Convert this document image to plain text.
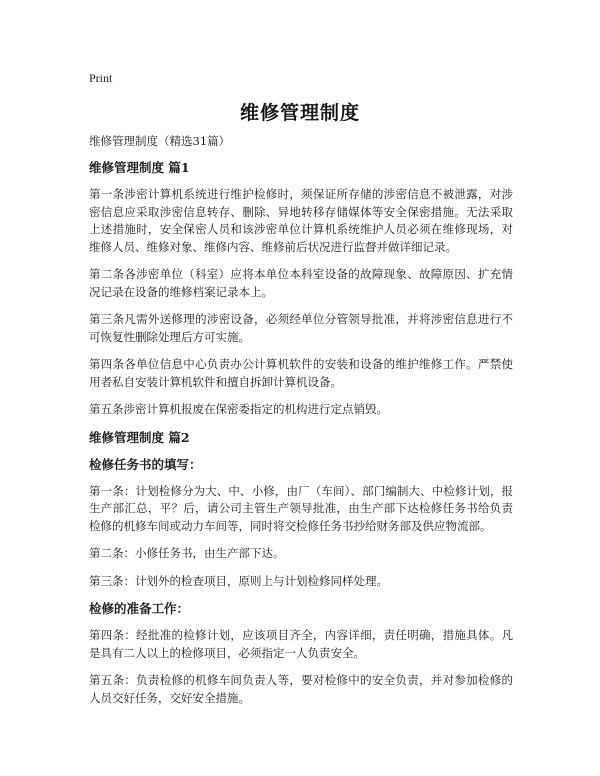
Print
维修管理制度

维修管理制度（精选31篇）

维修管理制度 篇1

第一条涉密计算机系统进行维护检修时，须保证所存储的涉密信息不被泄露，对涉密信息应采取涉密信息转存、删除、异地转移存储媒体等安全保密措施。无法采取上述措施时，安全保密人员和该涉密单位计算机系统维护人员必须在维修现场，对维修人员、维修对象、维修内容、维修前后状况进行监督并做详细记录。

第二条各涉密单位（科室）应将本单位本科室设备的故障现象、故障原因、扩充情况记录在设备的维修档案记录本上。

第三条凡需外送修理的涉密设备，必须经单位分管领导批准，并将涉密信息进行不可恢复性删除处理后方可实施。

第四条各单位信息中心负责办公计算机软件的安装和设备的维护维修工作。严禁使用者私自安装计算机软件和擅自拆卸计算机设备。

第五条涉密计算机报废在保密委指定的机构进行定点销毁。

维修管理制度 篇2
检修任务书的填写：

第一条：计划检修分为大、中、小修，由厂（车间）、部门编制大、中检修计划，报生产部汇总，平？后，请公司主管生产领导批准，由生产部下达检修任务书给负责检修的机修车间或动力车间等，同时将交检修任务书抄给财务部及供应物流部。

第二条：小修任务书，由生产部下达。

第三条：计划外的检查项目，原则上与计划检修同样处理。

检修的准备工作：

第四条：经批准的检修计划，应该项目齐全，内容详细，责任明确，措施具体。凡是具有二人以上的检修项目，必须指定一人负责安全。

第五条：负责检修的机修车间负责人等，要对检修中的安全负责，并对参加检修的人员交好任务，交好安全措施。
